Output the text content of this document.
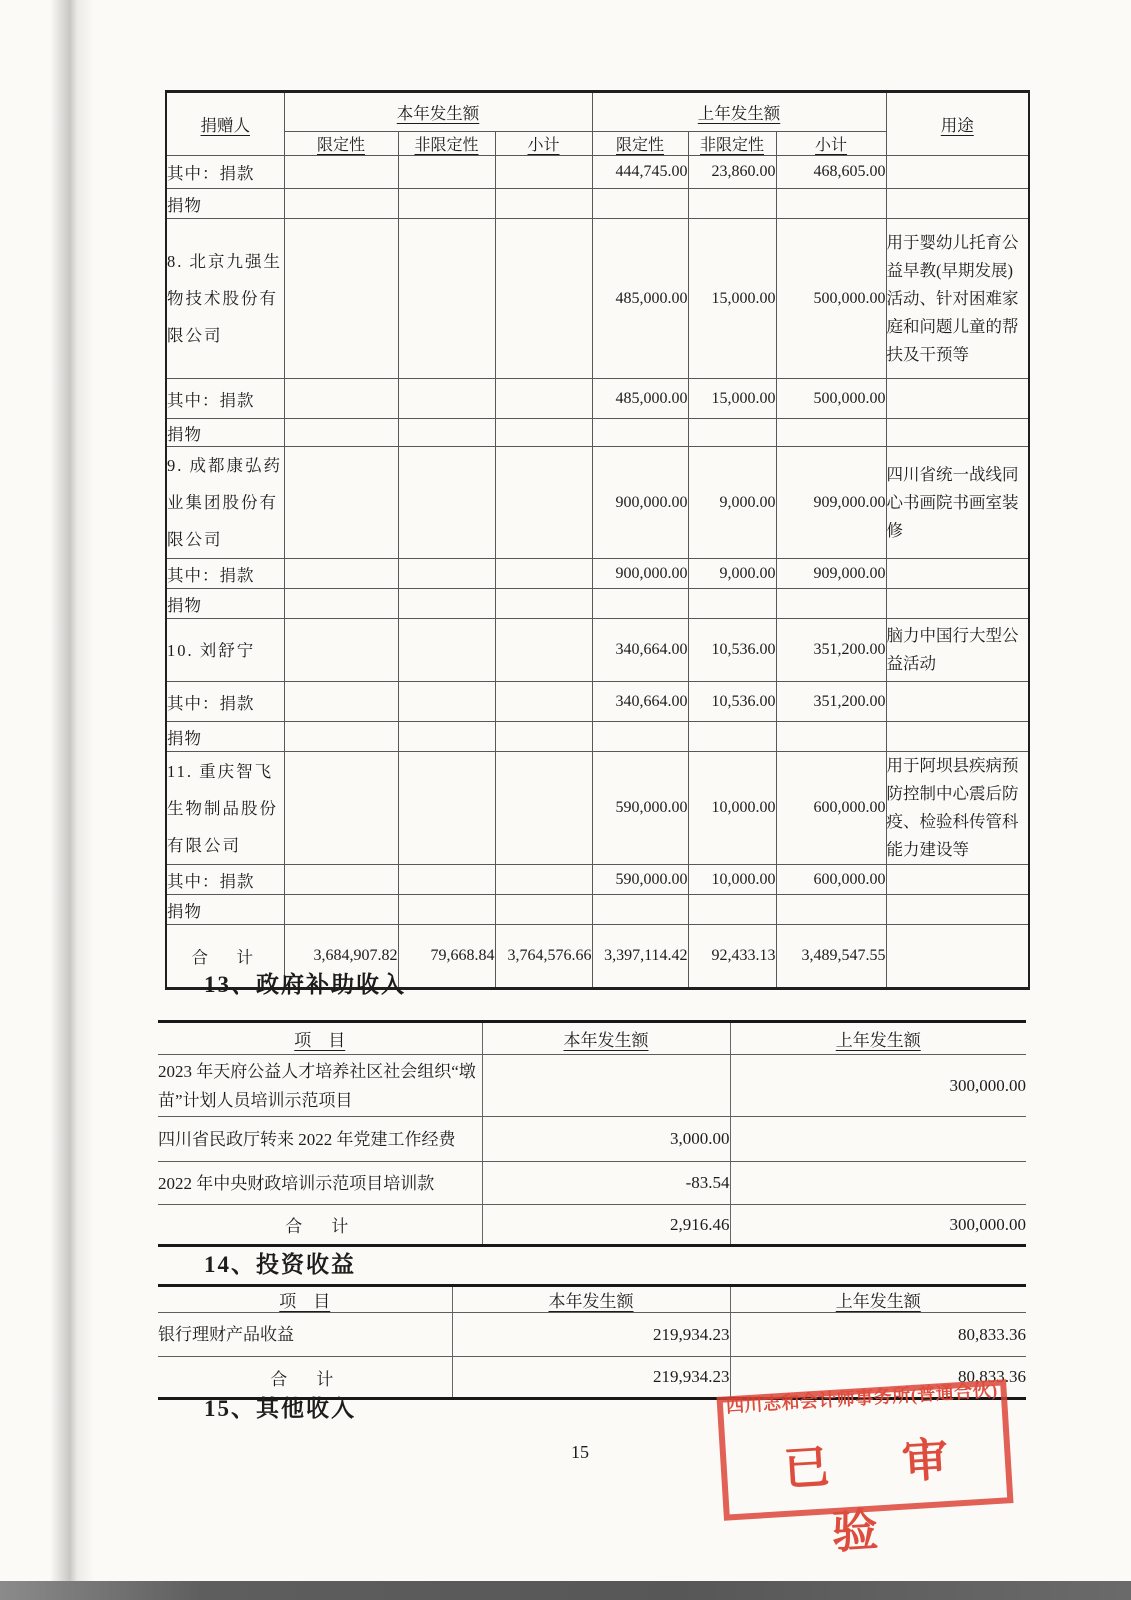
捐赠人	本年发生额			上年发生额			用途
	限定性	非限定性	小计	限定性	非限定性	小计	
其中：捐款				444,745.00	23,860.00	468,605.00	
捐物							
8. 北京九强生物技术股份有限公司				485,000.00	15,000.00	500,000.00	用于婴幼儿托育公益早教(早期发展)活动、针对困难家庭和问题儿童的帮扶及干预等
其中：捐款				485,000.00	15,000.00	500,000.00	
捐物							
9. 成都康弘药业集团股份有限公司				900,000.00	9,000.00	909,000.00	四川省统一战线同心书画院书画室装修
其中：捐款				900,000.00	9,000.00	909,000.00	
捐物							
10. 刘舒宁				340,664.00	10,536.00	351,200.00	脑力中国行大型公益活动
其中：捐款				340,664.00	10,536.00	351,200.00	
捐物							
11. 重庆智飞生物制品股份有限公司				590,000.00	10,000.00	600,000.00	用于阿坝县疾病预防控制中心震后防疫、检验科传管科能力建设等
其中：捐款				590,000.00	10,000.00	600,000.00	
捐物							
合　计	3,684,907.82	79,668.84	3,764,576.66	3,397,114.42	92,433.13	3,489,547.55	
13、政府补助收入
项　目	本年发生额	上年发生额
2023 年天府公益人才培养社区社会组织“墩苗”计划人员培训示范项目		300,000.00
四川省民政厅转来 2022 年党建工作经费	3,000.00	
2022 年中央财政培训示范项目培训款	-83.54	
合　计	2,916.46	300,000.00
14、投资收益
项　目	本年发生额	上年发生额
银行理财产品收益	219,934.23	80,833.36
合　计	219,934.23	80,833.36
15、其他收入
15
四川志和会计师事务所(普通合伙)
已 审 验
